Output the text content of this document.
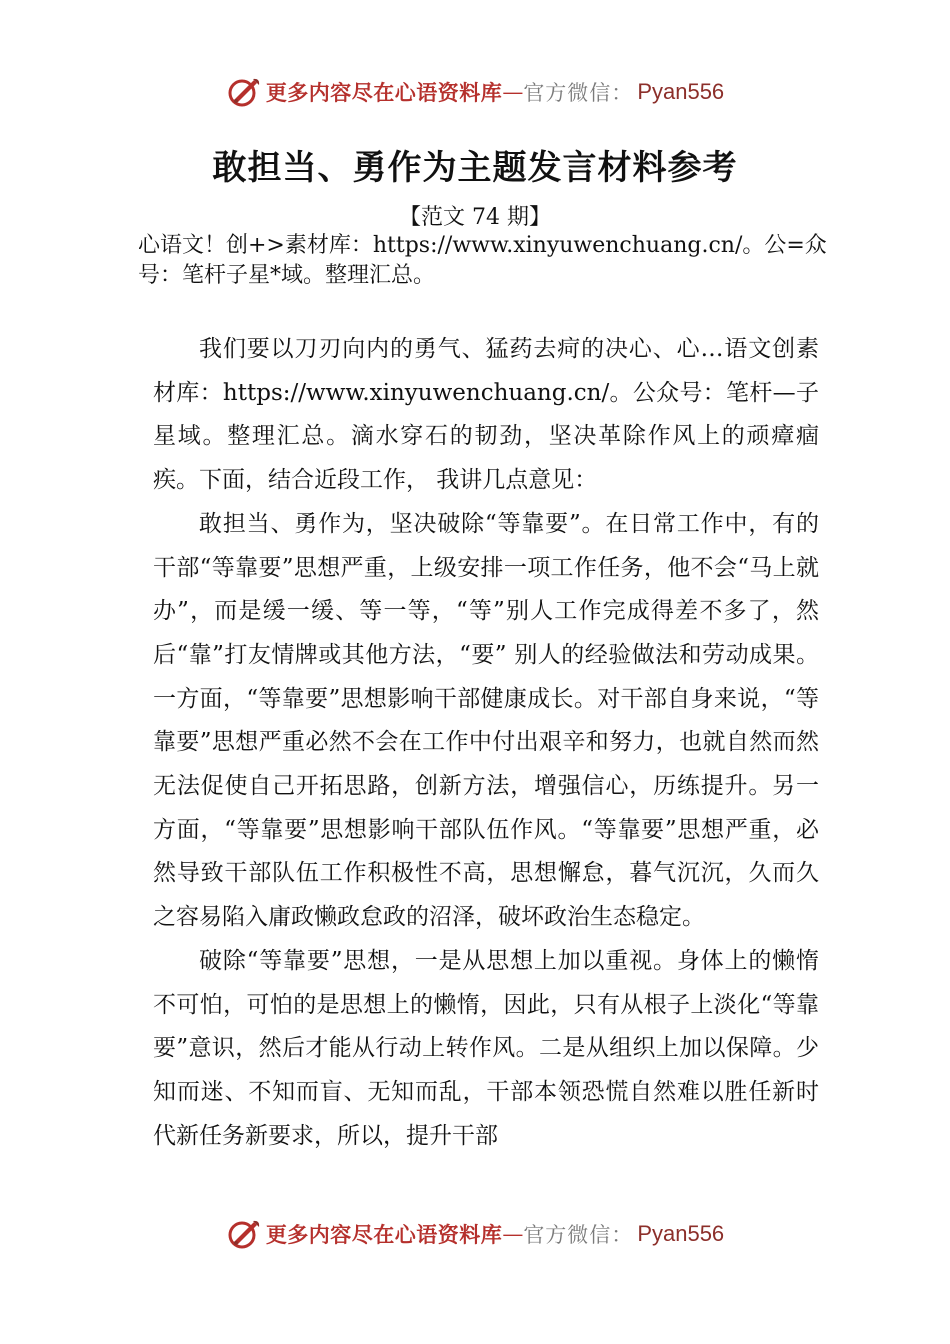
更多内容尽在心语资料库 — 官方微信： Pyan556
敢担当、勇作为主题发言材料参考
【范文 74 期】

心语文！创+>素材库：https://www.xinyuwenchuang.cn/。公=众号：笔杆子星*域。整理汇总。

我们要以刀刃向内的勇气、猛药去疴的决心、心…语文创素材库：https://www.xinyuwenchuang.cn/。公众号：笔杆—子星域。整理汇总。滴水穿石的韧劲，坚决革除作风上的顽瘴痼疾。下面，结合近段工作， 我讲几点意见：

敢担当、勇作为，坚决破除“等靠要”。在日常工作中，有的干部“等靠要”思想严重，上级安排一项工作任务，他不会“马上就办”，而是缓一缓、等一等，“等”别人工作完成得差不多了，然后“靠”打友情牌或其他方法，“要” 别人的经验做法和劳动成果。一方面，“等靠要”思想影响干部健康成长。对干部自身来说，“等靠要”思想严重必然不会在工作中付出艰辛和努力，也就自然而然无法促使自己开拓思路，创新方法，增强信心，历练提升。另一方面，“等靠要”思想影响干部队伍作风。“等靠要”思想严重，必然导致干部队伍工作积极性不高，思想懈怠，暮气沉沉，久而久之容易陷入庸政懒政怠政的沼泽，破坏政治生态稳定。

破除“等靠要”思想，一是从思想上加以重视。身体上的懒惰不可怕，可怕的是思想上的懒惰，因此，只有从根子上淡化“等靠要”意识，然后才能从行动上转作风。二是从组织上加以保障。少知而迷、不知而盲、无知而乱，干部本领恐慌自然难以胜任新时代新任务新要求，所以，提升干部

更多内容尽在心语资料库 — 官方微信： Pyan556
